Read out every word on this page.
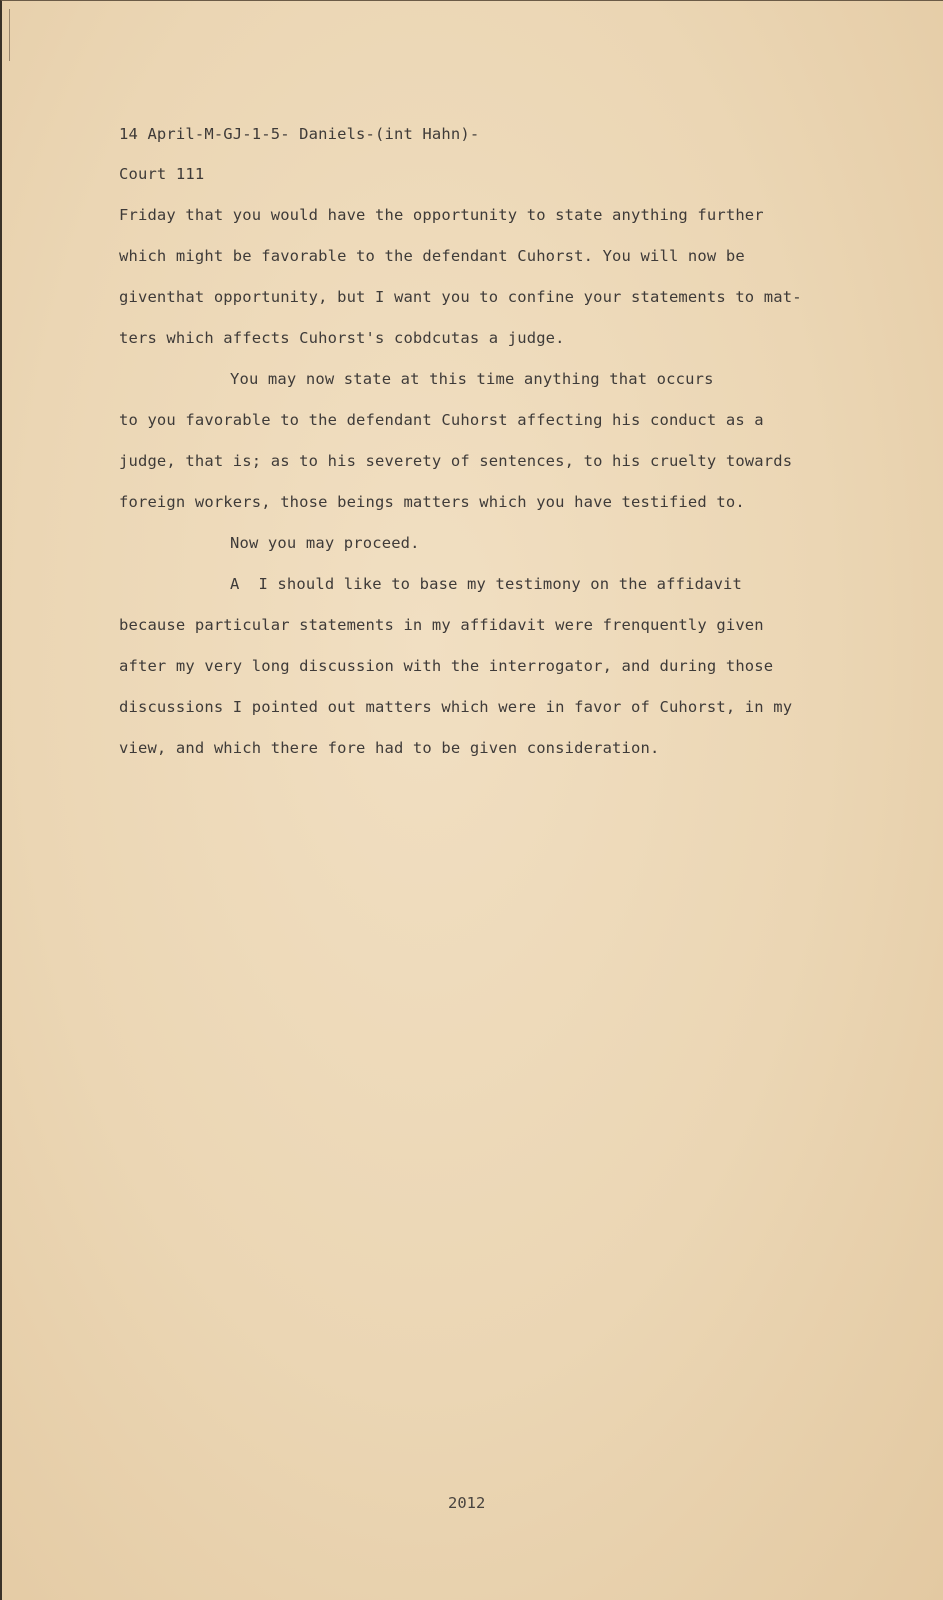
14 April-M-GJ-1-5- Daniels-(int Hahn)-
Court 111
Friday that you would have the opportunity to state anything further
which might be favorable to the defendant Cuhorst. You will now be
giventhat opportunity, but I want you to confine your statements to mat-
ters which affects Cuhorst's cobdcutas a judge.
You may now state at this time anything that occurs
to you favorable to the defendant Cuhorst affecting his conduct as a
judge, that is; as to his severety of sentences, to his cruelty towards
foreign workers, those beings matters which you have testified to.
Now you may proceed.
A  I should like to base my testimony on the affidavit
because particular statements in my affidavit were frenquently given
after my very long discussion with the interrogator, and during those
discussions I pointed out matters which were in favor of Cuhorst, in my
view, and which there fore had to be given consideration.
2012
